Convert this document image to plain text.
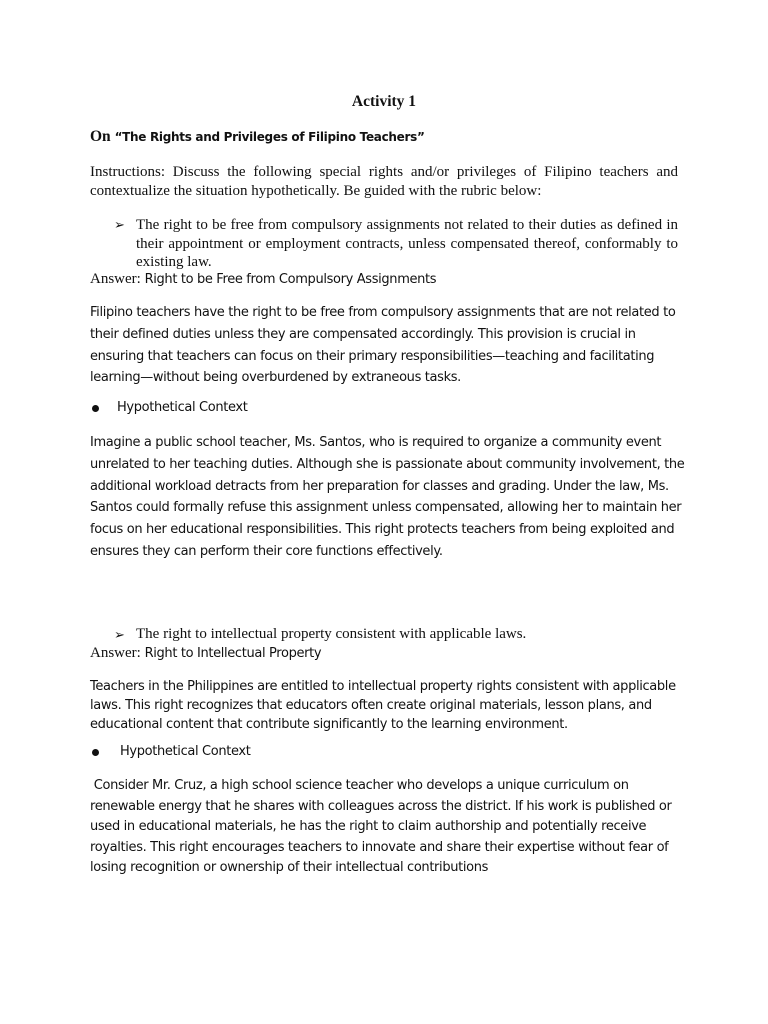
Activity 1
On “The Rights and Privileges of Filipino Teachers”
Instructions: Discuss the following special rights and/or privileges of Filipino teachers and contextualize the situation hypothetically. Be guided with the rubric below:
➢ The right to be free from compulsory assignments not related to their duties as defined in their appointment or employment contracts, unless compensated thereof, conformably to existing law.
Answer: Right to be Free from Compulsory Assignments
Filipino teachers have the right to be free from compulsory assignments that are not related to their defined duties unless they are compensated accordingly. This provision is crucial in ensuring that teachers can focus on their primary responsibilities—teaching and facilitating learning—without being overburdened by extraneous tasks.
Hypothetical Context
Imagine a public school teacher, Ms. Santos, who is required to organize a community event unrelated to her teaching duties. Although she is passionate about community involvement, the additional workload detracts from her preparation for classes and grading. Under the law, Ms. Santos could formally refuse this assignment unless compensated, allowing her to maintain her focus on her educational responsibilities. This right protects teachers from being exploited and ensures they can perform their core functions effectively.
➢ The right to intellectual property consistent with applicable laws.
Answer: Right to Intellectual Property
Teachers in the Philippines are entitled to intellectual property rights consistent with applicable laws. This right recognizes that educators often create original materials, lesson plans, and educational content that contribute significantly to the learning environment.
Hypothetical Context
Consider Mr. Cruz, a high school science teacher who develops a unique curriculum on renewable energy that he shares with colleagues across the district. If his work is published or used in educational materials, he has the right to claim authorship and potentially receive royalties. This right encourages teachers to innovate and share their expertise without fear of losing recognition or ownership of their intellectual contributions
